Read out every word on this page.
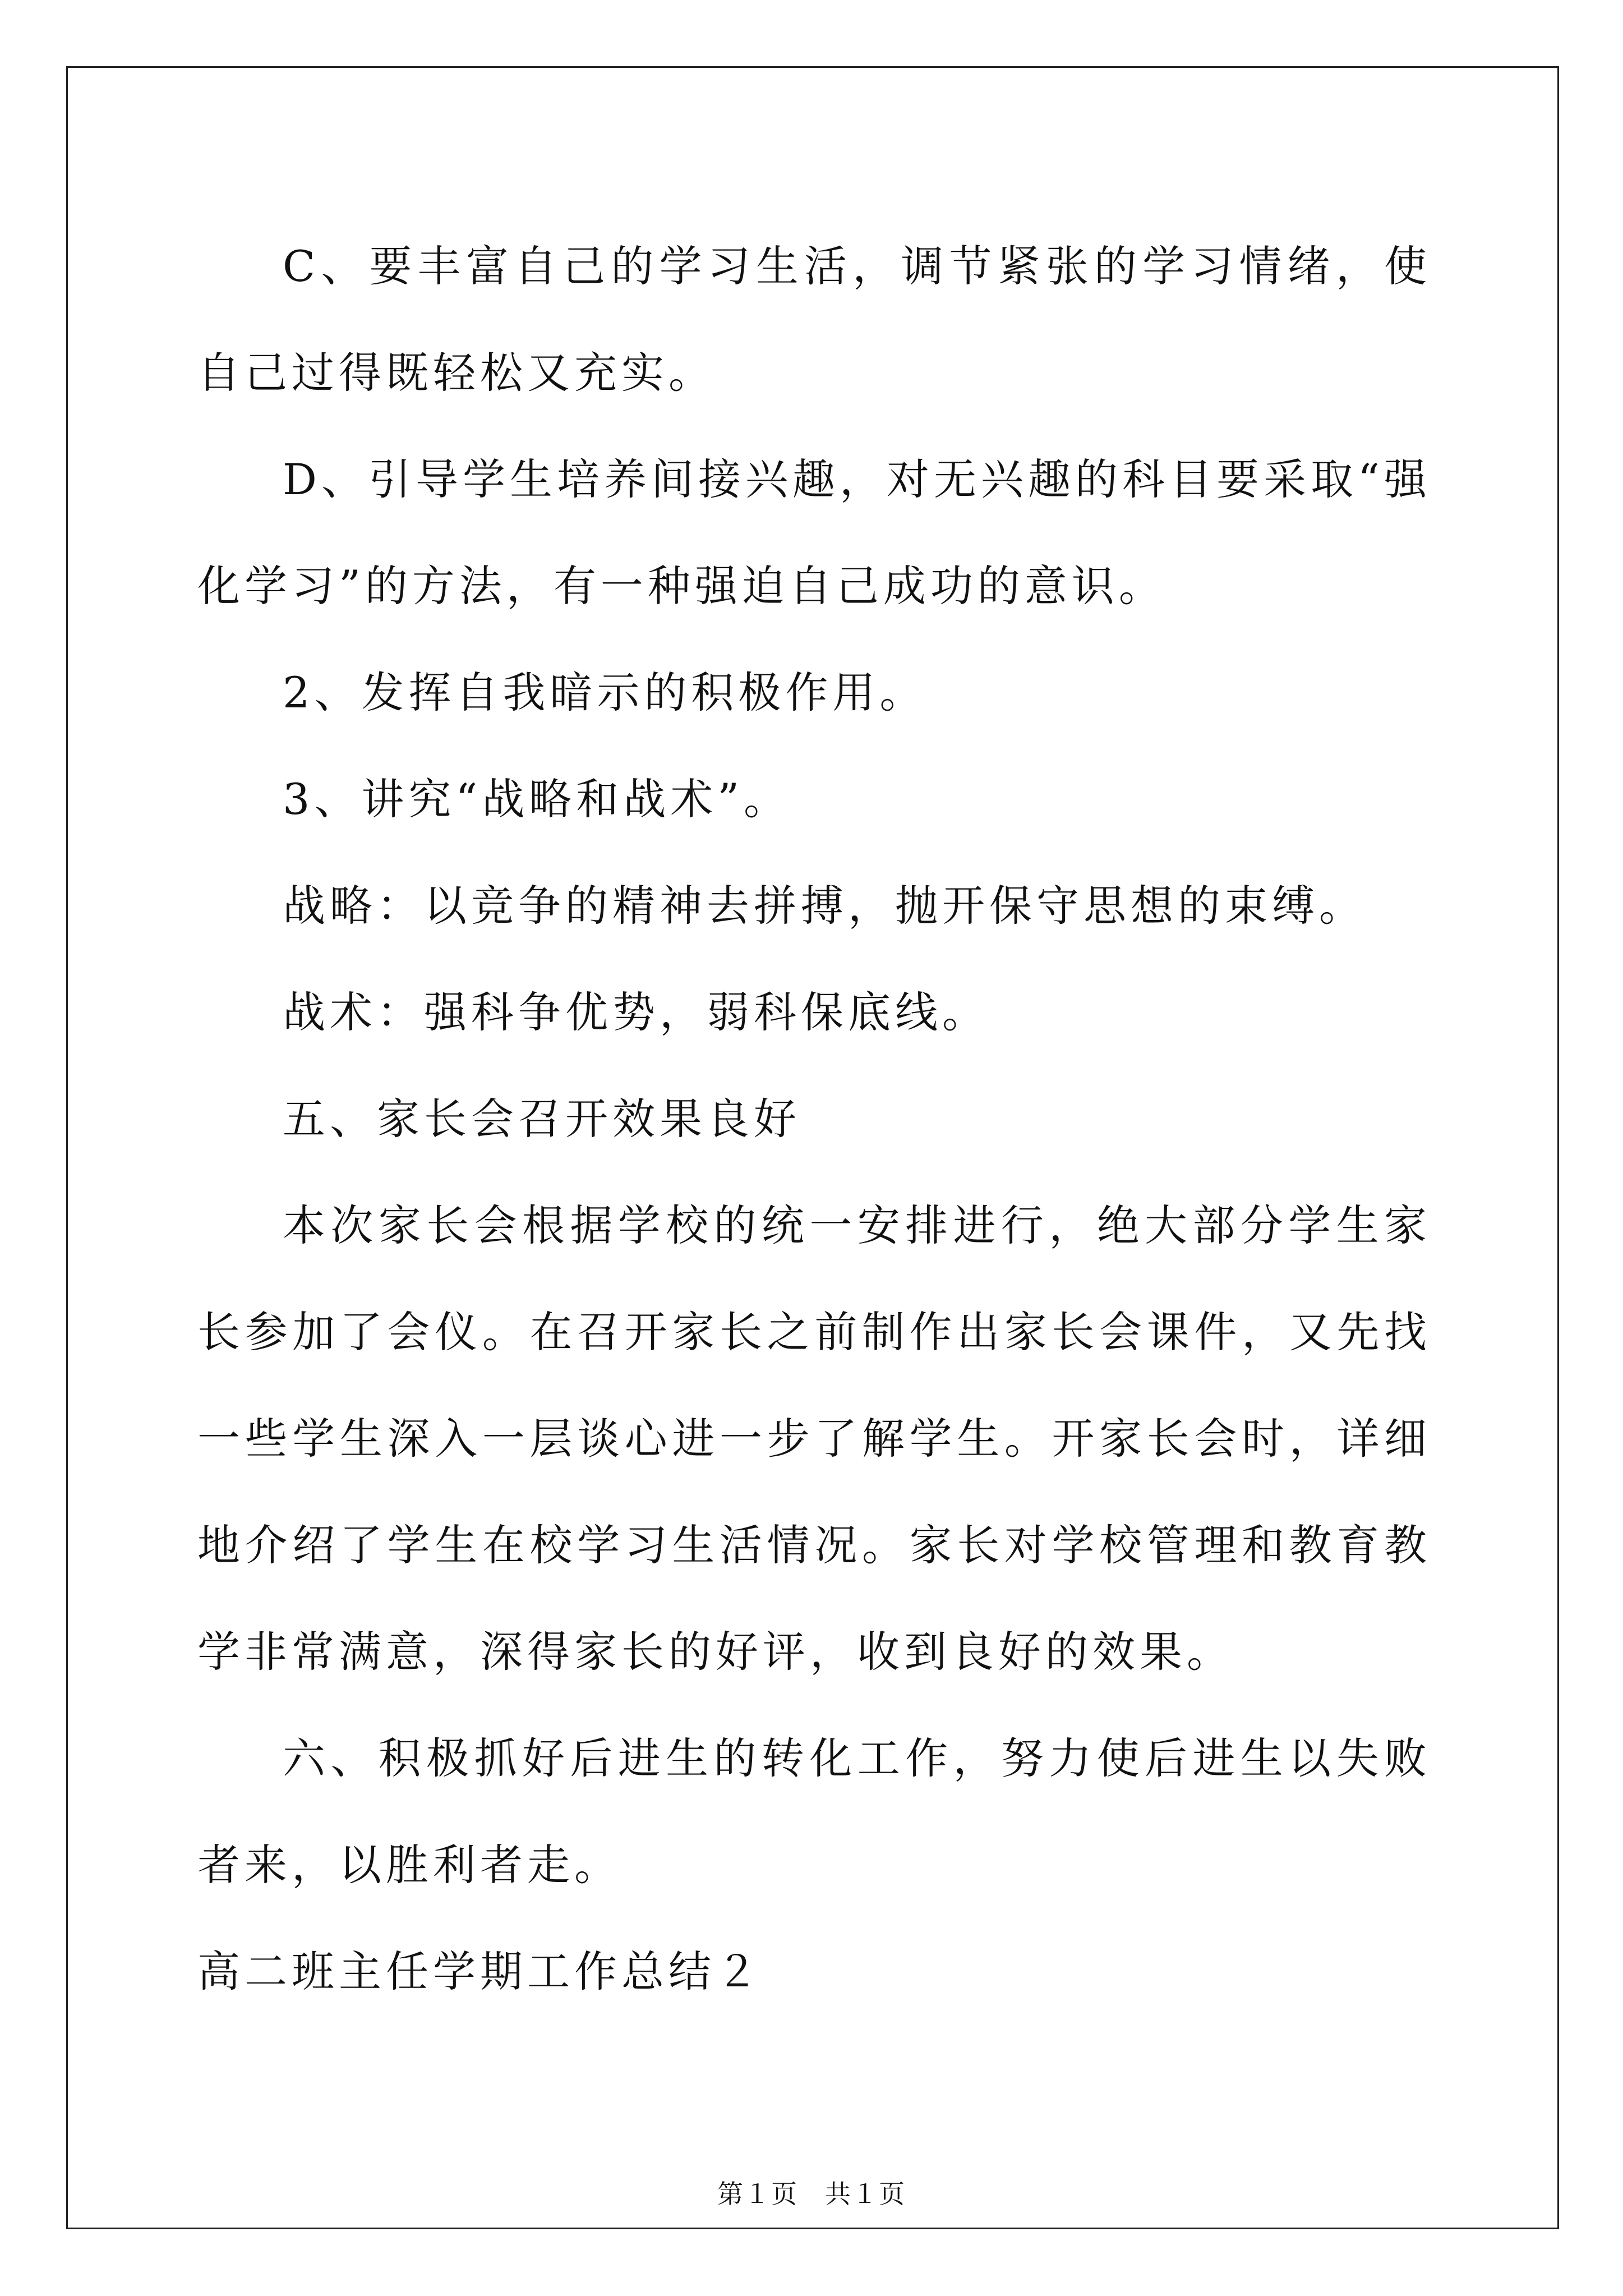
C、要丰富自己的学习生活，调节紧张的学习情绪，使自己过得既轻松又充实。

D、引导学生培养间接兴趣，对无兴趣的科目要采取“强化学习”的方法，有一种强迫自己成功的意识。

2、发挥自我暗示的积极作用。

3、讲究“战略和战术”。

战略：以竞争的精神去拼搏，抛开保守思想的束缚。

战术：强科争优势，弱科保底线。

五、家长会召开效果良好

本次家长会根据学校的统一安排进行，绝大部分学生家长参加了会仪。在召开家长之前制作出家长会课件，又先找一些学生深入一层谈心进一步了解学生。开家长会时，详细地介绍了学生在校学习生活情况。家长对学校管理和教育教学非常满意，深得家长的好评，收到良好的效果。

六、积极抓好后进生的转化工作，努力使后进生以失败者来，以胜利者走。

高二班主任学期工作总结２

第１页　共１页
